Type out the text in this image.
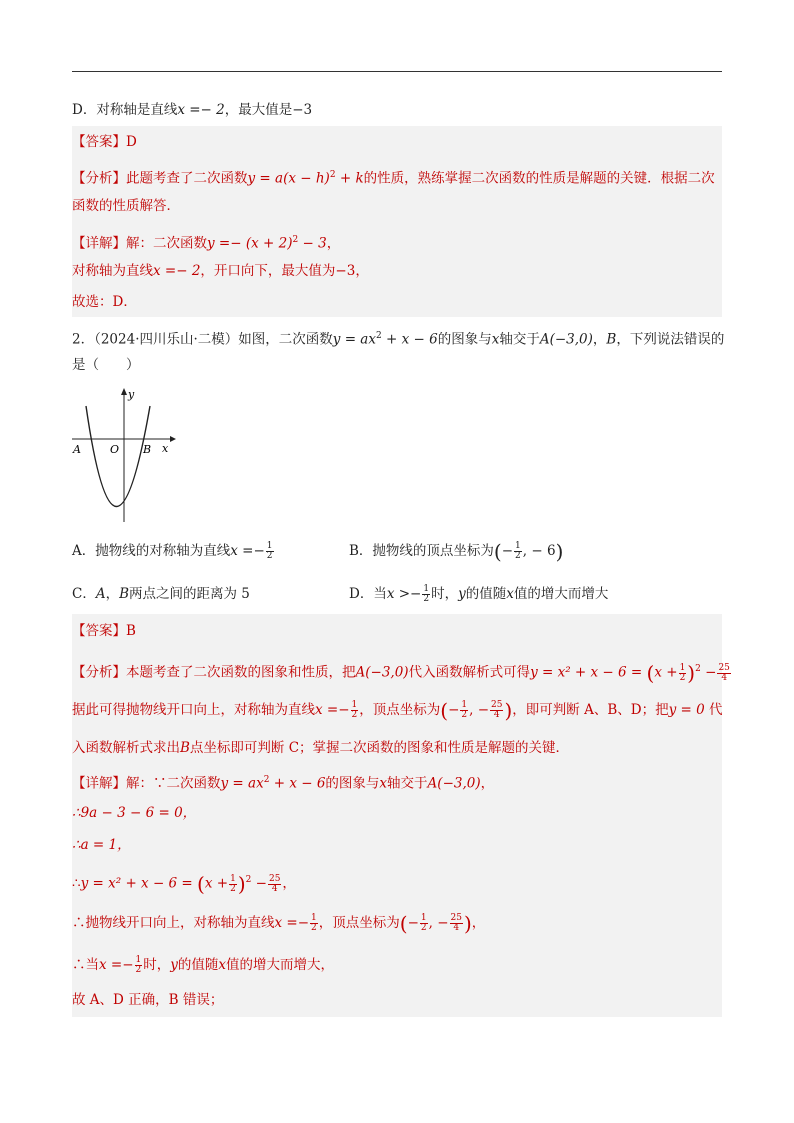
D．对称轴是直线x =− 2，最大值是−3
【答案】D
【分析】此题考查了二次函数$y = a(x - h)^2 + k$的性质，熟练掌握二次函数的性质是解题的关键．根据二次
函数的性质解答．
【详解】解：二次函数$y =- (x + 2)^2 - 3$，
对称轴为直线x =− 2，开口向下，最大值为−3，
故选：D．
2．（2024·四川乐山·二模）如图，二次函数$y = ax^2 + x - 6$的图象与x轴交于A(−3,0)，B，下列说法错误的
是（　　）
y
x
A	O B
A．抛物线的对称轴为直线$x =- \frac{1}{2}$	B．抛物线的顶点坐标为(− $\frac{1}{2}$ , − 6)
C．A，B两点之间的距离为 5	D．当$x >- \frac{1}{2}$ 时，y的值随x值的增大而增大
【答案】B
【分析】本题考查了二次函数的图象和性质，把A(−3,0)代入函数解析式可得$y = x^2 + x - 6 = (x + \frac{1}{2} )^2 - \frac{25}{4}$
据此可得抛物线开口向上，对称轴为直线$x =- \frac{1}{2}$ ，顶点坐标为(− $\frac{1}{2}$ , − $\frac{25}{4}$ )，即可判断 A、B、D；把y = 0 代
入函数解析式求出B点坐标即可判断 C；掌握二次函数的图象和性质是解题的关键．
【详解】解：∵二次函数$y = ax^2 + x - 6$的图象与x轴交于A(−3,0)，
∴9a − 3 − 6 = 0，
∴a = 1，
∴y = $x^2 + x - 6 = (x + \frac{1}{2} )^2 - \frac{25}{4}$ ，
∴抛物线开口向上，对称轴为直线$x =- \frac{1}{2}$ ，顶点坐标为(− $\frac{1}{2}$ , − $\frac{25}{4}$ )，
∴当$x =- \frac{1}{2}$ 时，y的值随x值的增大而增大，
故 A、D 正确，B 错误；
